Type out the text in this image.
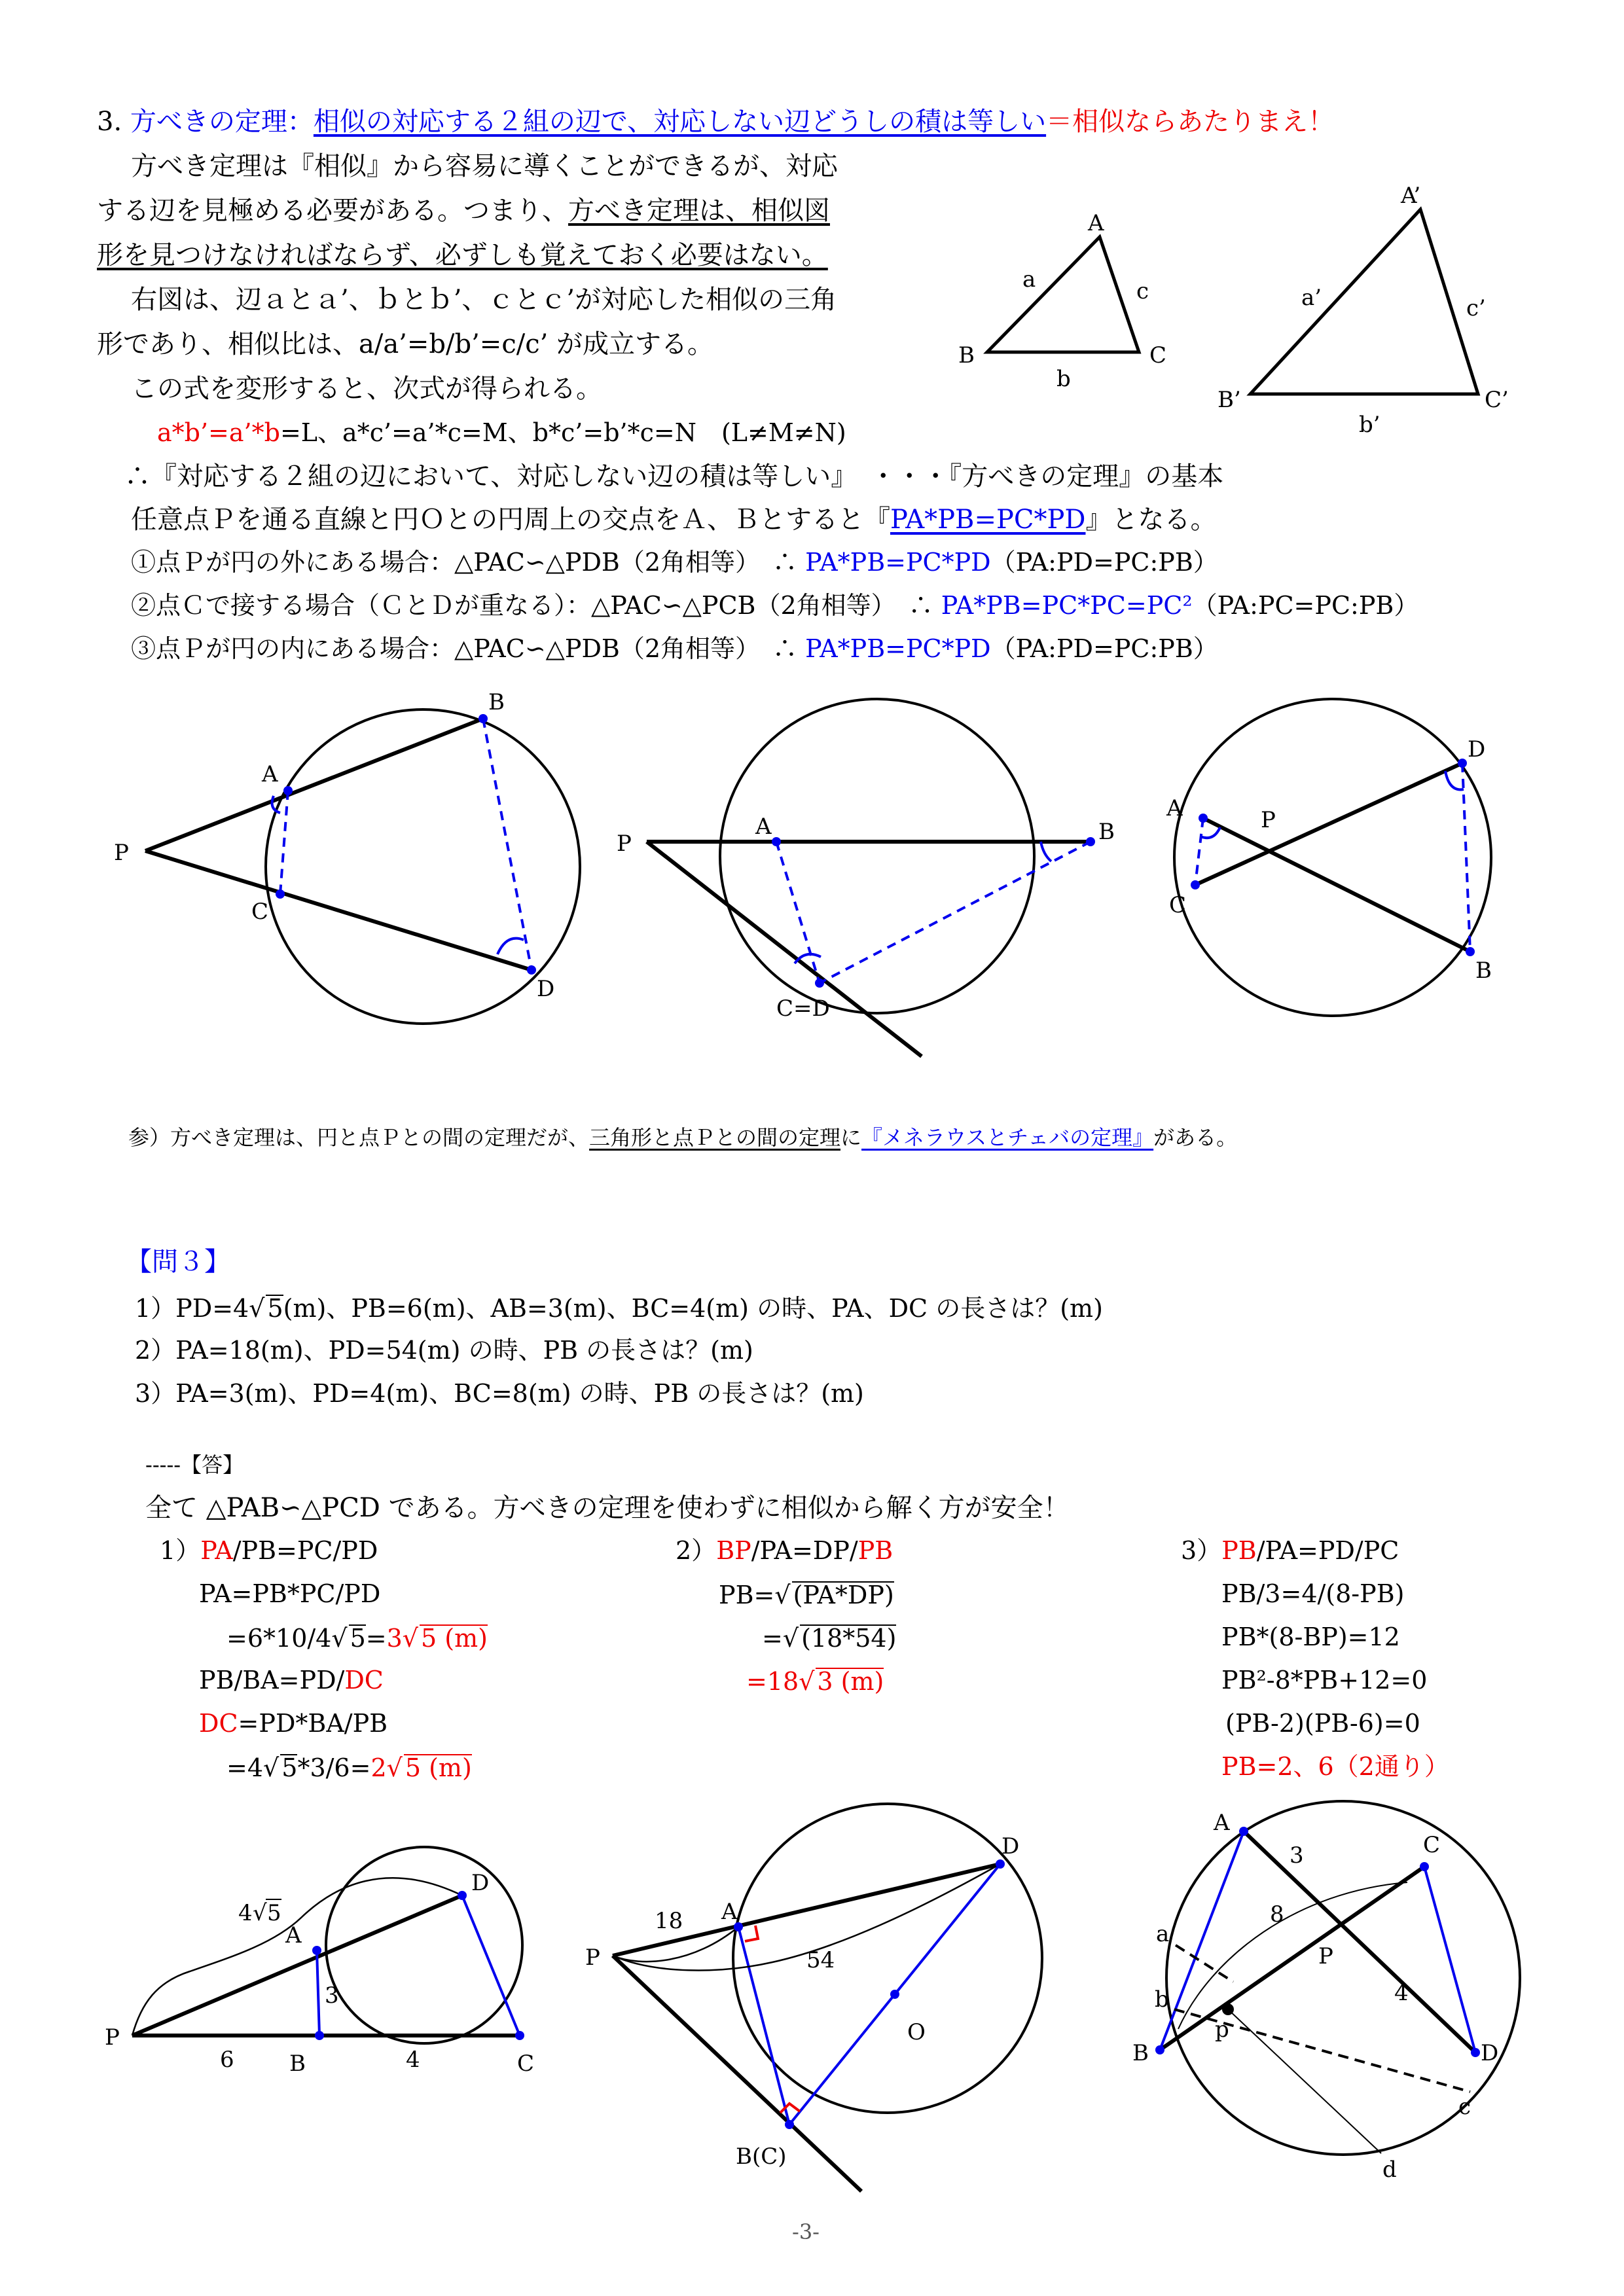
3. 方べきの定理：相似の対応する２組の辺で、対応しない辺どうしの積は等しい＝相似ならあたりまえ！
方べき定理は『相似』から容易に導くことができるが、対応
する辺を見極める必要がある。つまり、方べき定理は、相似図
形を見つけなければならず、必ずしも覚えておく必要はない。
右図は、辺ａとａ’、ｂとｂ’、ｃとｃ’が対応した相似の三角
形であり、相似比は、a/a’=b/b’=c/c’ が成立する。
この式を変形すると、次式が得られる。
a*b’=a’*b=L、a*c’=a’*c=M、b*c’=b’*c=N　(L≠M≠N)
∴『対応する２組の辺において、対応しない辺の積は等しい』　・・・『方べきの定理』の基本
任意点Ｐを通る直線と円Ｏとの円周上の交点をＡ、Ｂとすると『PA*PB=PC*PD』となる。
①点Ｐが円の外にある場合：△PAC∽△PDB（2角相等）　∴ PA*PB=PC*PD（PA:PD=PC:PB）
②点Ｃで接する場合（ＣとＤが重なる）：△PAC∽△PCB（2角相等）　∴ PA*PB=PC*PC=PC²（PA:PC=PC:PB）
③点Ｐが円の内にある場合：△PAC∽△PDB（2角相等）　∴ PA*PB=PC*PD（PA:PD=PC:PB）
A
B	C
a	c
b
A’
B’	C’
a’	c’
b’
P
A
B
C
D
P
A	B
C=D
P
A
C
D
B
参）方べき定理は、円と点Ｐとの間の定理だが、三角形と点Ｐとの間の定理に『メネラウスとチェバの定理』がある。
【問３】
1）PD=4√ 5(m)、PB=6(m)、AB=3(m)、BC=4(m) の時、PA、DC の長さは？(m)
2）PA=18(m)、PD=54(m) の時、PB の長さは？(m)
3）PA=3(m)、PD=4(m)、BC=8(m) の時、PB の長さは？(m)
-----【答】
全て △PAB∽△PCD である。方べきの定理を使わずに相似から解く方が安全！
1）PA/PB=PC/PD
PA=PB*PC/PD
=6*10/4√ 5=3√ 5 (m)
PB/BA=PD/DC
DC=PD*BA/PB
=4√ 5*3/6=2√ 5 (m)
2）BP/PA=DP/PB
PB=√ (PA*DP)
=√ (18*54)
=18√ 3 (m)
3）PB/PA=PD/PC
PB/3=4/(8-PB)
PB*(8-BP)=12
PB²-8*PB+12=0
(PB-2)(PB-6)=0
PB=2、6（2通り）
P
A
B	C
D
4 √ 5
3
6	4
P
A
D
B(C)
O
18
54
A
C
B	D
P
p
a
b
c
d
3
8
4
-3-
